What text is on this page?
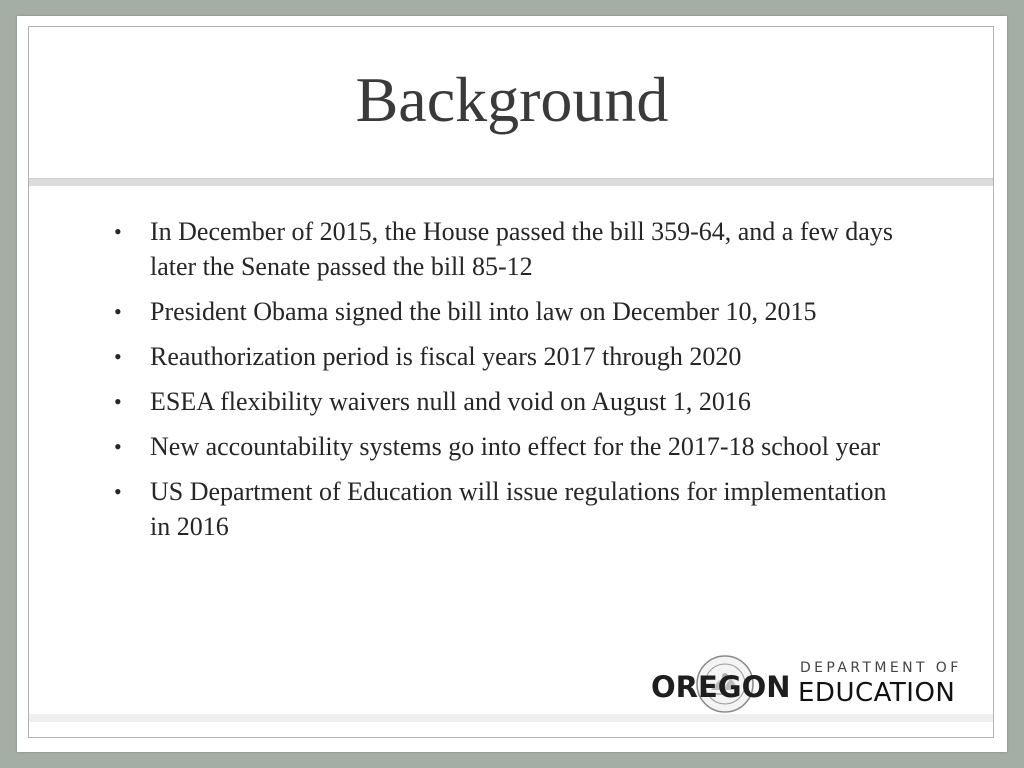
Background
• In December of 2015, the House passed the bill 359-64, and a few days later the Senate passed the bill 85-12
• President Obama signed the bill into law on December 10, 2015
• Reauthorization period is fiscal years 2017 through 2020
• ESEA flexibility waivers null and void on August 1, 2016
• New accountability systems go into effect for the 2017-18 school year
• US Department of Education will issue regulations for implementation in 2016
OREGON
DEPARTMENT OF
EDUCATION
